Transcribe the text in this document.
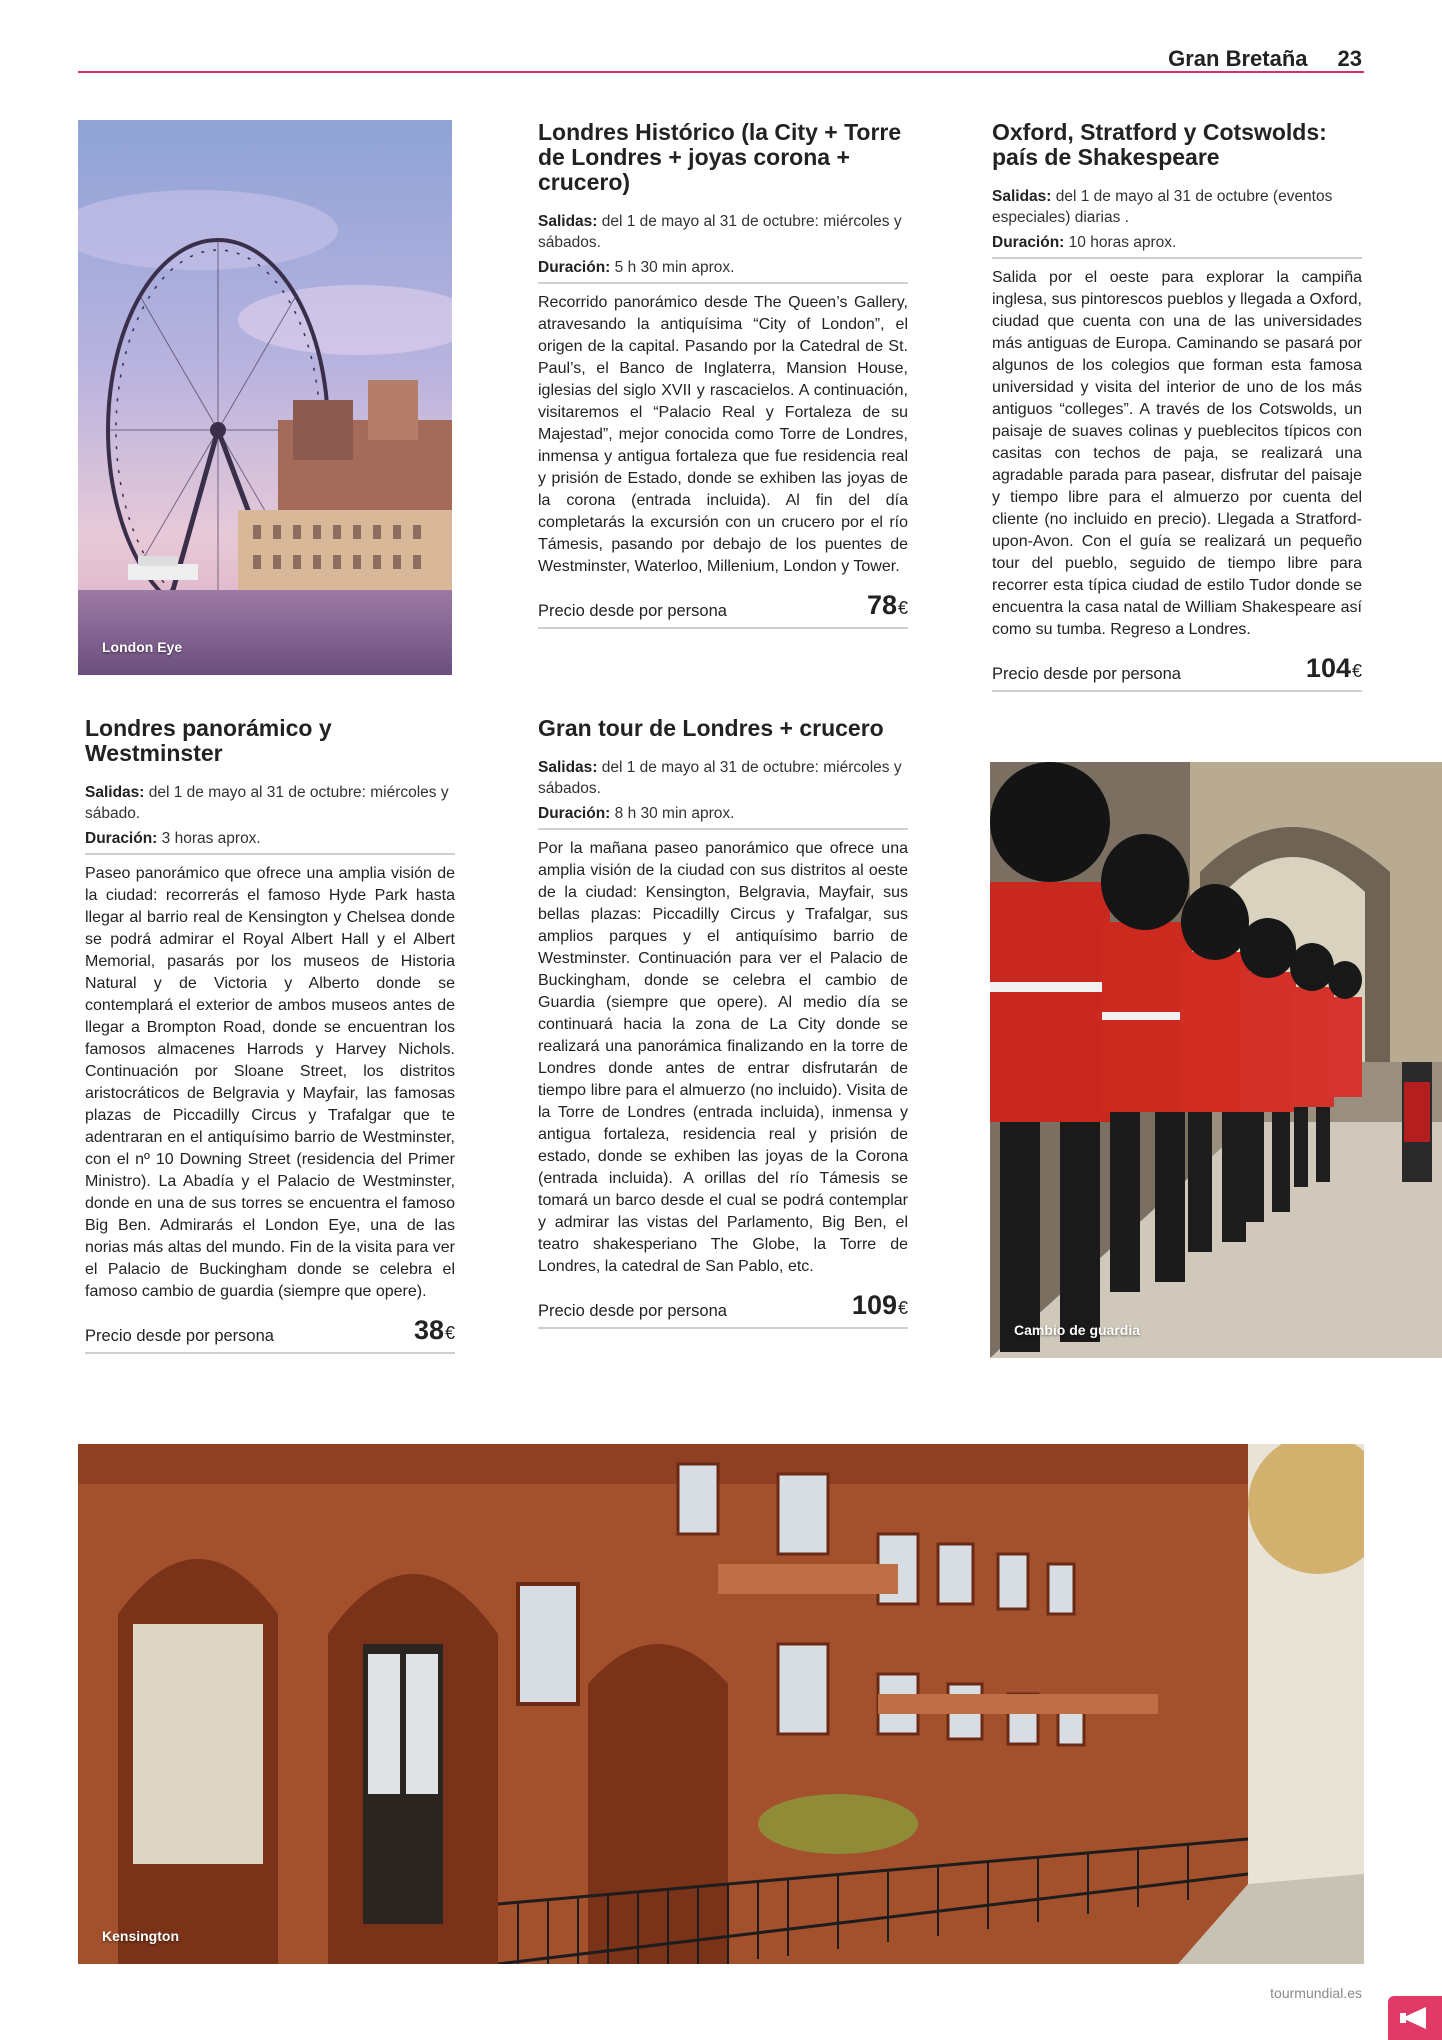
Gran Bretaña 23
London Eye
Londres panorámico y Westminster
Salidas: del 1 de mayo al 31 de octubre: miércoles y sábado.
Duración: 3 horas aprox.
Paseo panorámico que ofrece una amplia visión de la ciudad: recorrerás el famoso Hyde Park hasta llegar al barrio real de Kensington y Chelsea donde se podrá admirar el Royal Albert Hall y el Albert Memorial, pasarás por los museos de Historia Natural y de Victoria y Alberto donde se contemplará el exterior de ambos museos antes de llegar a Brompton Road, donde se encuentran los famosos almacenes Harrods y Harvey Nichols. Continuación por Sloane Street, los distritos aristocráticos de Belgravia y Mayfair, las famosas plazas de Piccadilly Circus y Trafalgar que te adentraran en el antiquísimo barrio de Westminster, con el nº 10 Downing Street (residencia del Primer Ministro). La Abadía y el Palacio de Westminster, donde en una de sus torres se encuentra el famoso Big Ben. Admirarás el London Eye, una de las norias más altas del mundo. Fin de la visita para ver el Palacio de Buckingham donde se celebra el famoso cambio de guardia (siempre que opere).
Precio desde por persona	38€
Londres Histórico (la City + Torre de Londres + joyas corona + crucero)
Salidas: del 1 de mayo al 31 de octubre: miércoles y sábados.
Duración: 5 h 30 min aprox.
Recorrido panorámico desde The Queen’s Gallery, atravesando la antiquísima “City of London”, el origen de la capital. Pasando por la Catedral de St. Paul’s, el Banco de Inglaterra, Mansion House, iglesias del siglo XVII y rascacielos. A continuación, visitaremos el “Palacio Real y Fortaleza de su Majestad”, mejor conocida como Torre de Londres, inmensa y antigua fortaleza que fue residencia real y prisión de Estado, donde se exhiben las joyas de la corona (entrada incluida). Al fin del día completarás la excursión con un crucero por el río Támesis, pasando por debajo de los puentes de Westminster, Waterloo, Millenium, London y Tower.
Precio desde por persona	78€
Gran tour de Londres + crucero
Salidas: del 1 de mayo al 31 de octubre: miércoles y sábados.
Duración: 8 h 30 min aprox.
Por la mañana paseo panorámico que ofrece una amplia visión de la ciudad con sus distritos al oeste de la ciudad: Kensington, Belgravia, Mayfair, sus bellas plazas: Piccadilly Circus y Trafalgar, sus amplios parques y el antiquísimo barrio de Westminster. Continuación para ver el Palacio de Buckingham, donde se celebra el cambio de Guardia (siempre que opere). Al medio día se continuará hacia la zona de La City donde se realizará una panorámica finalizando en la torre de Londres donde antes de entrar disfrutarán de tiempo libre para el almuerzo (no incluido). Visita de la Torre de Londres (entrada incluida), inmensa y antigua fortaleza, residencia real y prisión de estado, donde se exhiben las joyas de la Corona (entrada incluida). A orillas del río Támesis se tomará un barco desde el cual se podrá contemplar y admirar las vistas del Parlamento, Big Ben, el teatro shakesperiano The Globe, la Torre de Londres, la catedral de San Pablo, etc.
Precio desde por persona	109€
Oxford, Stratford y Cotswolds: país de Shakespeare
Salidas: del 1 de mayo al 31 de octubre (eventos especiales) diarias .
Duración: 10 horas aprox.
Salida por el oeste para explorar la campiña inglesa, sus pintorescos pueblos y llegada a Oxford, ciudad que cuenta con una de las universidades más antiguas de Europa. Caminando se pasará por algunos de los colegios que forman esta famosa universidad y visita del interior de uno de los más antiguos “colleges”. A través de los Cotswolds, un paisaje de suaves colinas y pueblecitos típicos con casitas con techos de paja, se realizará una agradable parada para pasear, disfrutar del paisaje y tiempo libre para el almuerzo por cuenta del cliente (no incluido en precio). Llegada a Stratford-upon-Avon. Con el guía se realizará un pequeño tour del pueblo, seguido de tiempo libre para recorrer esta típica ciudad de estilo Tudor donde se encuentra la casa natal de William Shakespeare así como su tumba. Regreso a Londres.
Precio desde por persona	104€
Cambio de guardia
Kensington
tourmundial.es
